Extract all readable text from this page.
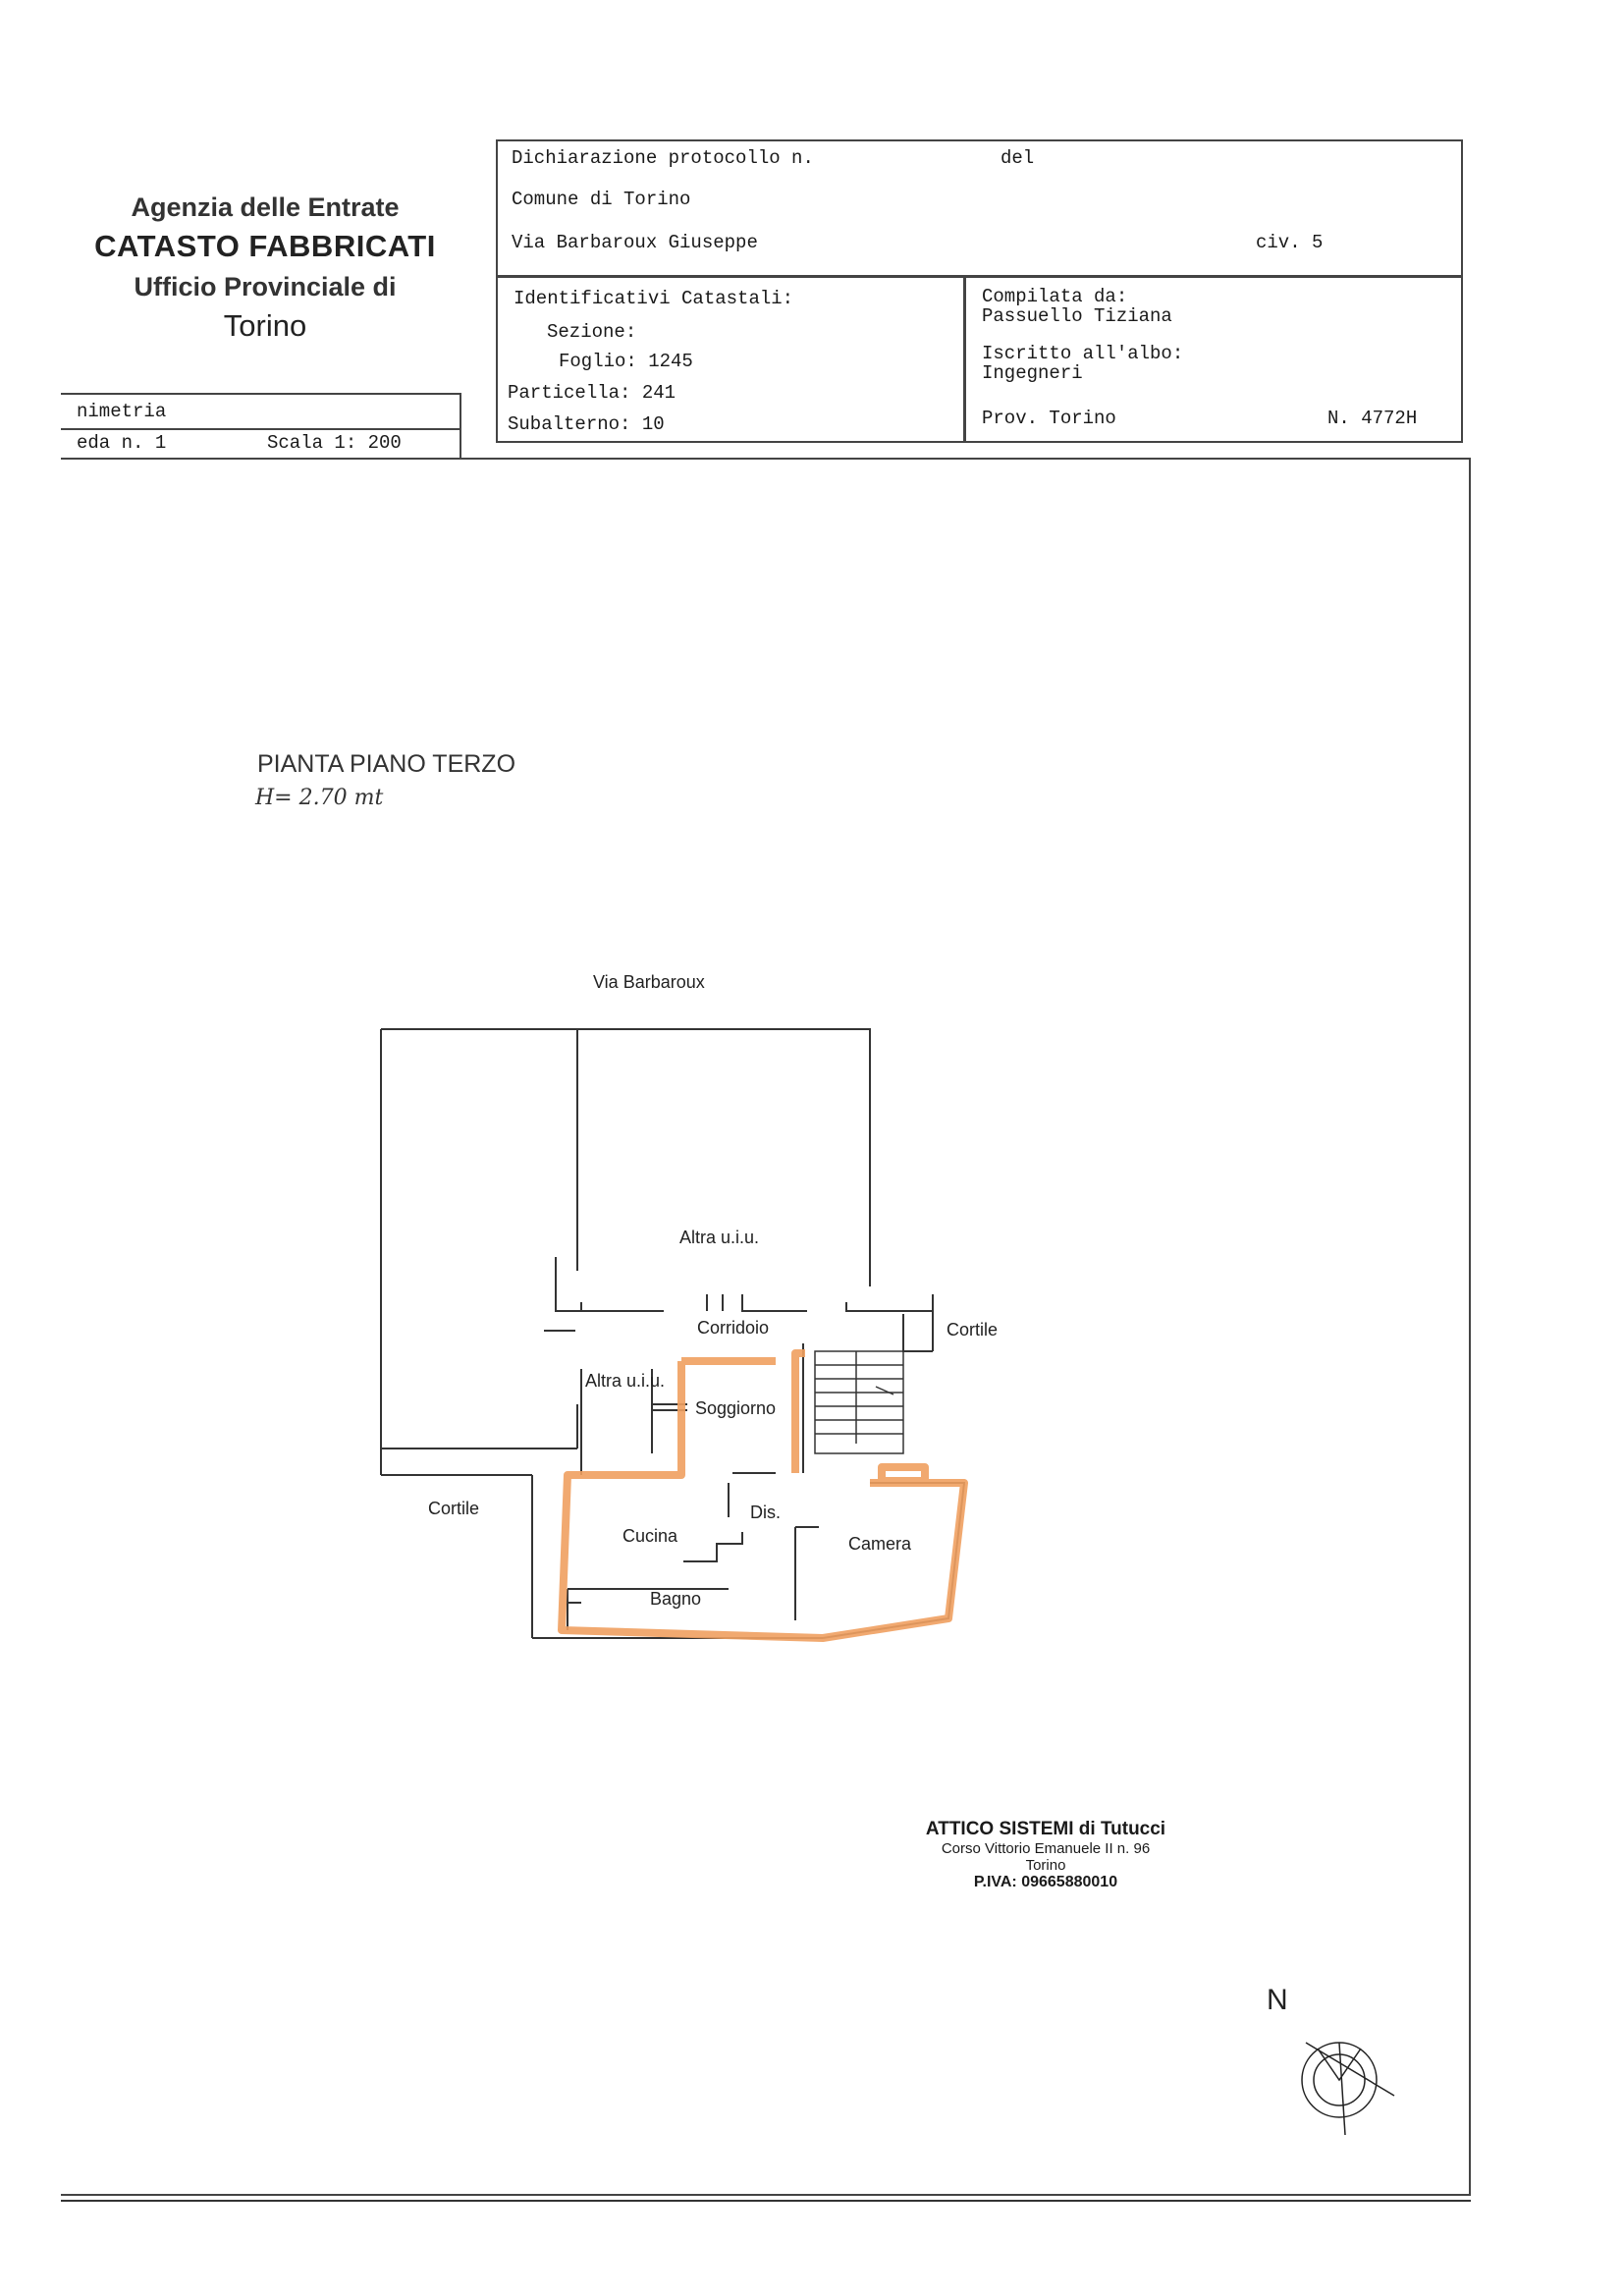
Agenzia delle Entrate
CATASTO FABBRICATI
Ufficio Provinciale di
Torino
Dichiarazione protocollo n.	del
Comune di Torino
Via Barbaroux Giuseppe	civ. 5
Identificativi Catastali:
Sezione:
Foglio: 1245
Particella: 241
Subalterno: 10
Compilata da:
Passuello Tiziana
Iscritto all'albo:
Ingegneri
Prov. Torino	N. 4772H
nimetria
eda n. 1	Scala 1: 200
PIANTA PIANO TERZO
H= 2.70 mt
Via Barbaroux
Altra u.i.u.
Corridoio	Cortile
Altra u.i.u.
Soggiorno
Cortile	Dis.
Cucina	Camera
Bagno
ATTICO SISTEMI di Tutucci
Corso Vittorio Emanuele II n. 96
Torino
P.IVA: 09665880010
N
